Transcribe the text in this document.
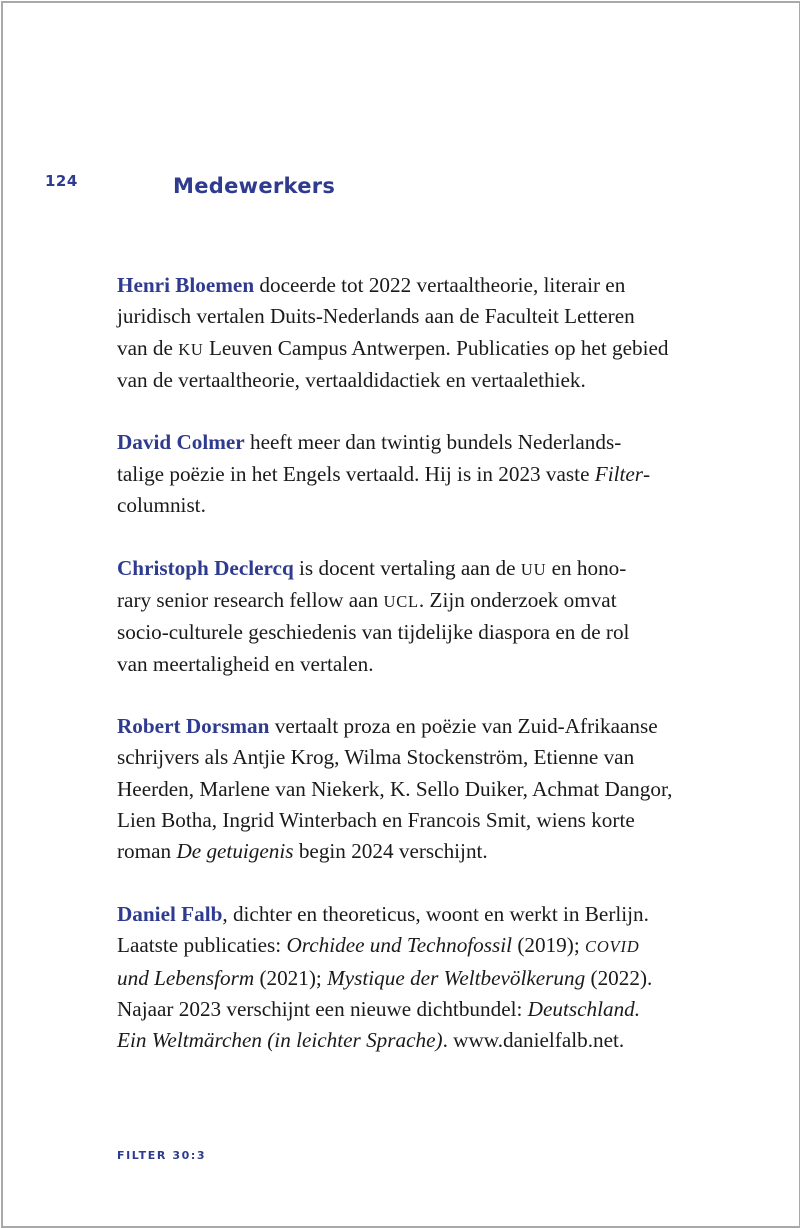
124	Medewerkers

Henri Bloemen doceerde tot 2022 vertaaltheorie, literair en
juridisch vertalen Duits-Nederlands aan de Faculteit Letteren
van de KU Leuven Campus Antwerpen. Publicaties op het gebied
van de vertaaltheorie, vertaaldidactiek en vertaalethiek.

David Colmer heeft meer dan twintig bundels Nederlands-
talige poëzie in het Engels vertaald. Hij is in 2023 vaste Filter-
columnist.

Christoph Declercq is docent vertaling aan de UU en hono-
rary senior research fellow aan UCL. Zijn onderzoek omvat
socio-culturele geschiedenis van tijdelijke diaspora en de rol
van meertaligheid en vertalen.

Robert Dorsman vertaalt proza en poëzie van Zuid-Afrikaanse
schrijvers als Antjie Krog, Wilma Stockenström, Etienne van
Heerden, Marlene van Niekerk, K. Sello Duiker, Achmat Dangor,
Lien Botha, Ingrid Winterbach en Francois Smit, wiens korte
roman De getuigenis begin 2024 verschijnt.

Daniel Falb, dichter en theoreticus, woont en werkt in Berlijn.
Laatste publicaties: Orchidee und Technofossil (2019); COVID
und Lebensform (2021); Mystique der Weltbevölkerung (2022).
Najaar 2023 verschijnt een nieuwe dichtbundel: Deutschland.
Ein Weltmärchen (in leichter Sprache). www.danielfalb.net.

FILTER 30:3
